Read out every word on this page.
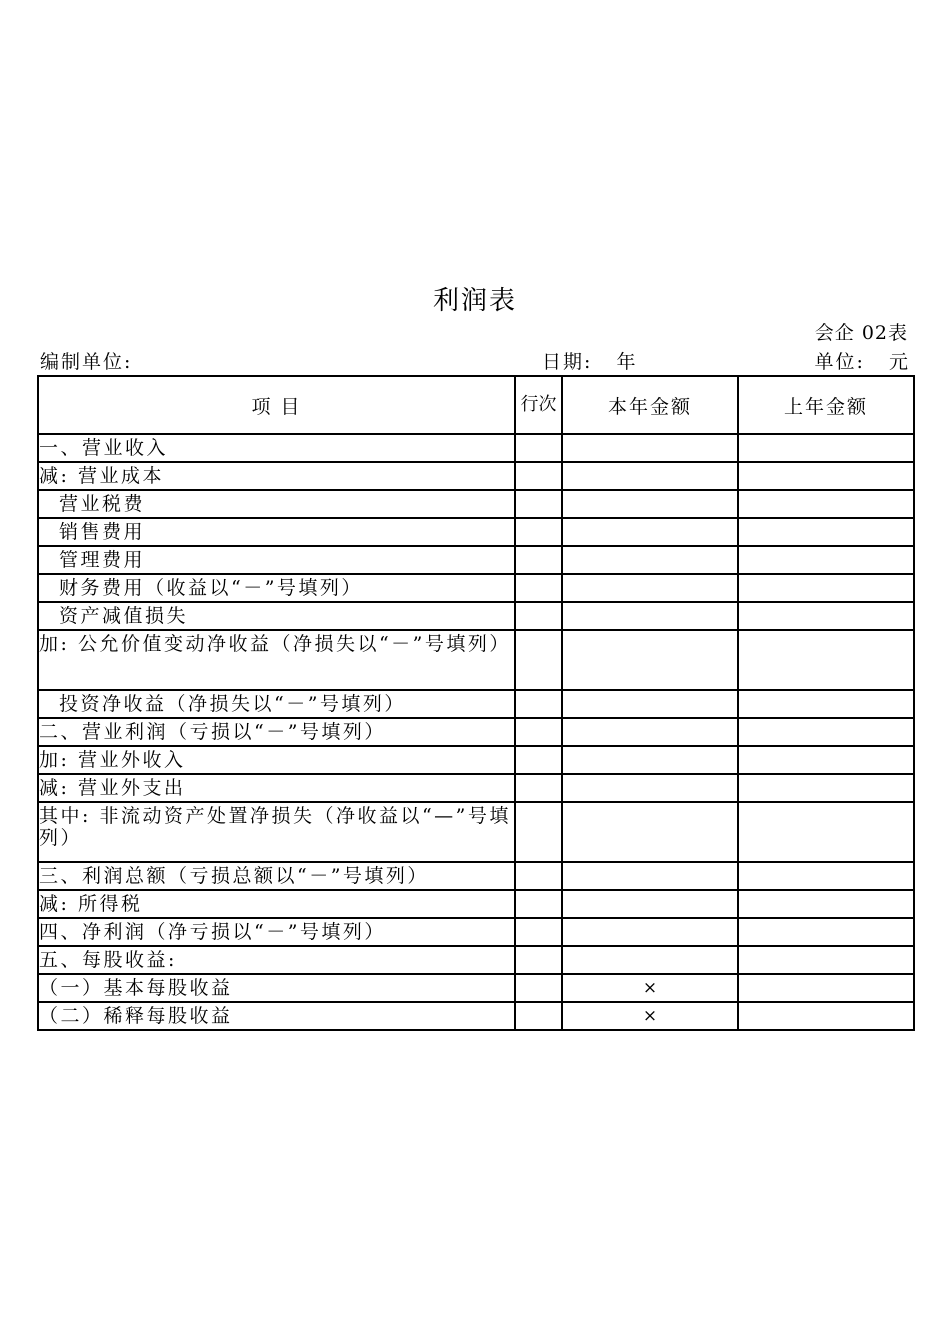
利润表
会企 02表
编制单位:	日期:   年	单位:   元
项 目	行次	本年金额	上年金额
一、营业收入			
减: 营业成本			
营业税费			
销售费用			
管理费用			
财务费用（收益以“－”号填列）			
资产减值损失			
加: 公允价值变动净收益（净损失以“－”号填列）			
投资净收益（净损失以“－”号填列）			
二、营业利润（亏损以“－”号填列）			
加: 营业外收入			
减: 营业外支出			
其中: 非流动资产处置净损失（净收益以“—”号填列）			
三、利润总额（亏损总额以“－”号填列）			
减: 所得税			
四、净利润（净亏损以“－”号填列）			
五、每股收益:			
（一）基本每股收益		×	
（二）稀释每股收益		×	
